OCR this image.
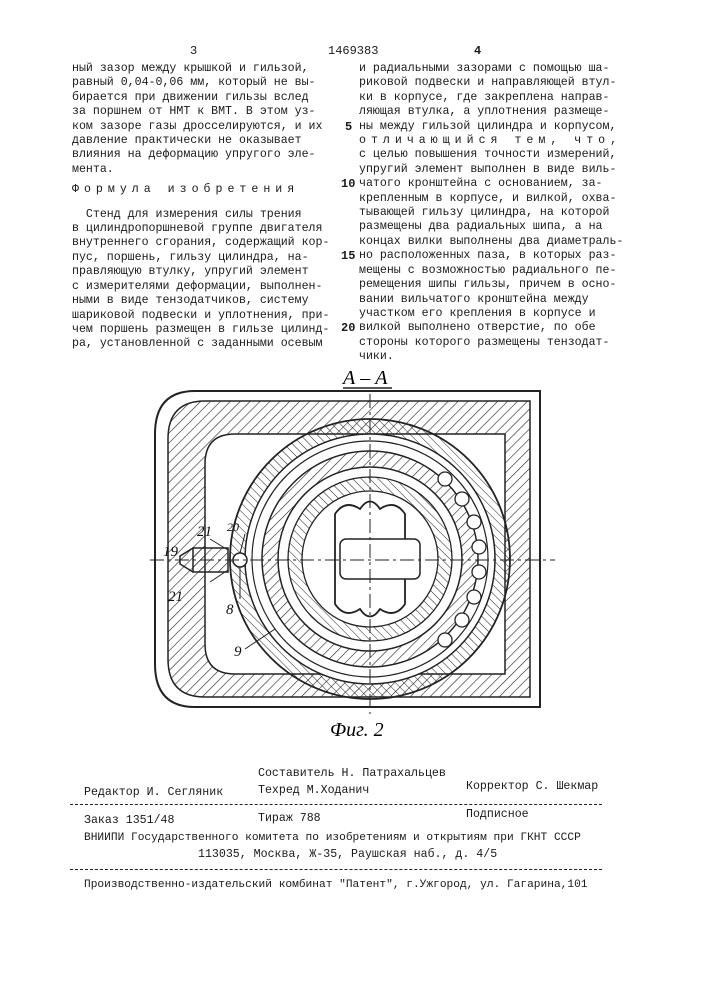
3	1469383	4
5
10
15
20
ный зазор между крышкой и гильзой,
равный 0,04-0,06 мм, который не вы-
бирается при движении гильзы вслед
за поршнем от НМТ к ВМТ. В этом уз-
ком зазоре газы дросселируются, и их
давление практически не оказывает
влияния на деформацию упругого эле-
мента.
Формула изобретения
Стенд для измерения силы трения
в цилиндропоршневой группе двигателя
внутреннего сгорания, содержащий кор-
пус, поршень, гильзу цилиндра, на-
правляющую втулку, упругий элемент
с измерителями деформации, выполнен-
ными в виде тензодатчиков, систему
шариковой подвески и уплотнения, при-
чем поршень размещен в гильзе цилинд-
ра, установленной с заданными осевым
и радиальными зазорами с помощью ша-
риковой подвески и направляющей втул-
ки в корпусе, где закреплена направ-
ляющая втулка, а уплотнения размеще-
ны между гильзой цилиндра и корпусом,
отличающийся тем, что,
с целью повышения точности измерений,
упругий элемент выполнен в виде виль-
чатого кронштейна с основанием, за-
крепленным в корпусе, и вилкой, охва-
тывающей гильзу цилиндра, на которой
размещены два радиальных шипа, а на
концах вилки выполнены два диаметраль-
но расположенных паза, в которых раз-
мещены с возможностью радиального пе-
ремещения шипы гильзы, причем в осно-
вании вильчатого кронштейна между
участком его крепления в корпусе и
вилкой выполнено отверстие, по обе
стороны которого размещены тензодат-
чики.
А – А
21
19
20
21
8
9
Фиг. 2
Составитель Н. Патрахальцев
Редактор И. Сегляник	Техред М.Ходанич	Корректор С. Шекмар
Заказ 1351/48	Тираж 788	Подписное
ВНИИПИ Государственного комитета по изобретениям и открытиям при ГКНТ СССР
113035, Москва, Ж-35, Раушская наб., д. 4/5
Производственно-издательский комбинат "Патент", г.Ужгород, ул. Гагарина,101
